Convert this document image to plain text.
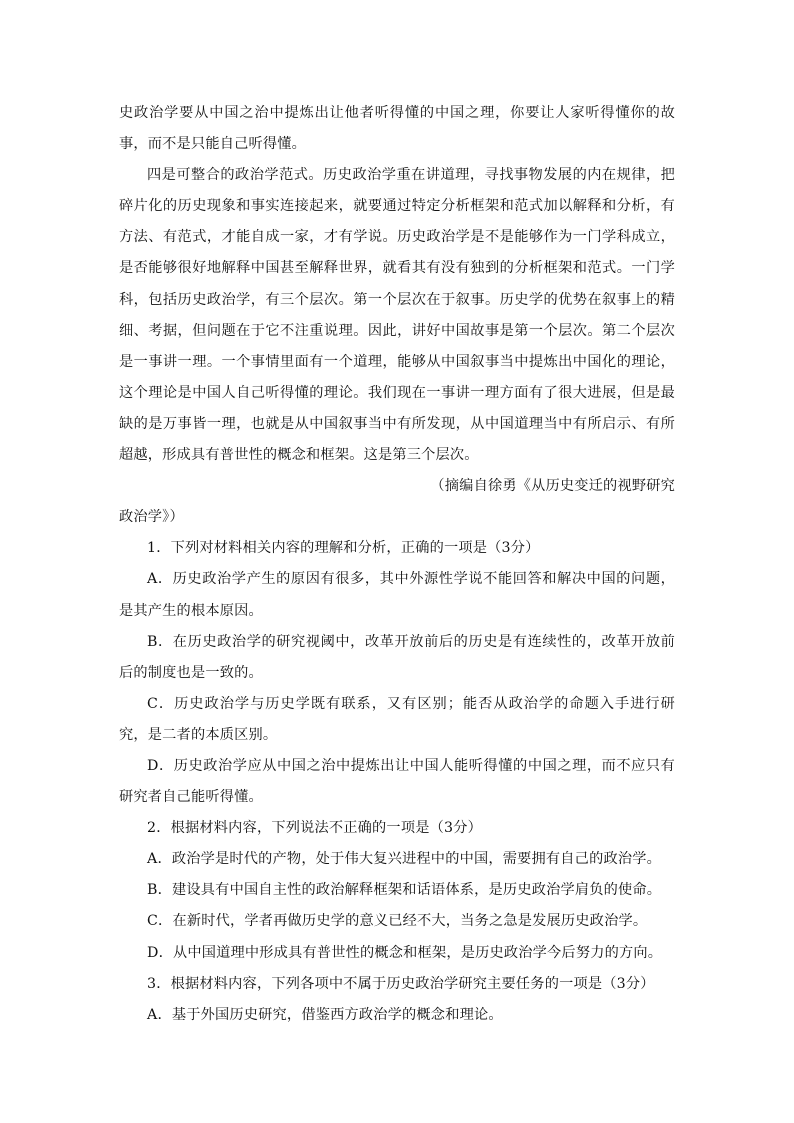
史政治学要从中国之治中提炼出让他者听得懂的中国之理，你要让人家听得懂你的故事，而不是只能自己听得懂。

四是可整合的政治学范式。历史政治学重在讲道理，寻找事物发展的内在规律，把碎片化的历史现象和事实连接起来，就要通过特定分析框架和范式加以解释和分析，有方法、有范式，才能自成一家，才有学说。历史政治学是不是能够作为一门学科成立，是否能够很好地解释中国甚至解释世界，就看其有没有独到的分析框架和范式。一门学科，包括历史政治学，有三个层次。第一个层次在于叙事。历史学的优势在叙事上的精细、考据，但问题在于它不注重说理。因此，讲好中国故事是第一个层次。第二个层次是一事讲一理。一个事情里面有一个道理，能够从中国叙事当中提炼出中国化的理论，这个理论是中国人自己听得懂的理论。我们现在一事讲一理方面有了很大进展，但是最缺的是万事皆一理，也就是从中国叙事当中有所发现，从中国道理当中有所启示、有所超越，形成具有普世性的概念和框架。这是第三个层次。

（摘编自徐勇《从历史变迁的视野研究

政治学》）

1．下列对材料相关内容的理解和分析，正确的一项是（3分）

A．历史政治学产生的原因有很多，其中外源性学说不能回答和解决中国的问题，是其产生的根本原因。

B．在历史政治学的研究视阈中，改革开放前后的历史是有连续性的，改革开放前后的制度也是一致的。

C．历史政治学与历史学既有联系，又有区别；能否从政治学的命题入手进行研究，是二者的本质区别。

D．历史政治学应从中国之治中提炼出让中国人能听得懂的中国之理，而不应只有研究者自己能听得懂。

2．根据材料内容，下列说法不正确的一项是（3分）

A．政治学是时代的产物，处于伟大复兴进程中的中国，需要拥有自己的政治学。

B．建设具有中国自主性的政治解释框架和话语体系，是历史政治学肩负的使命。

C．在新时代，学者再做历史学的意义已经不大，当务之急是发展历史政治学。

D．从中国道理中形成具有普世性的概念和框架，是历史政治学今后努力的方向。

3．根据材料内容，下列各项中不属于历史政治学研究主要任务的一项是（3分）

A．基于外国历史研究，借鉴西方政治学的概念和理论。
